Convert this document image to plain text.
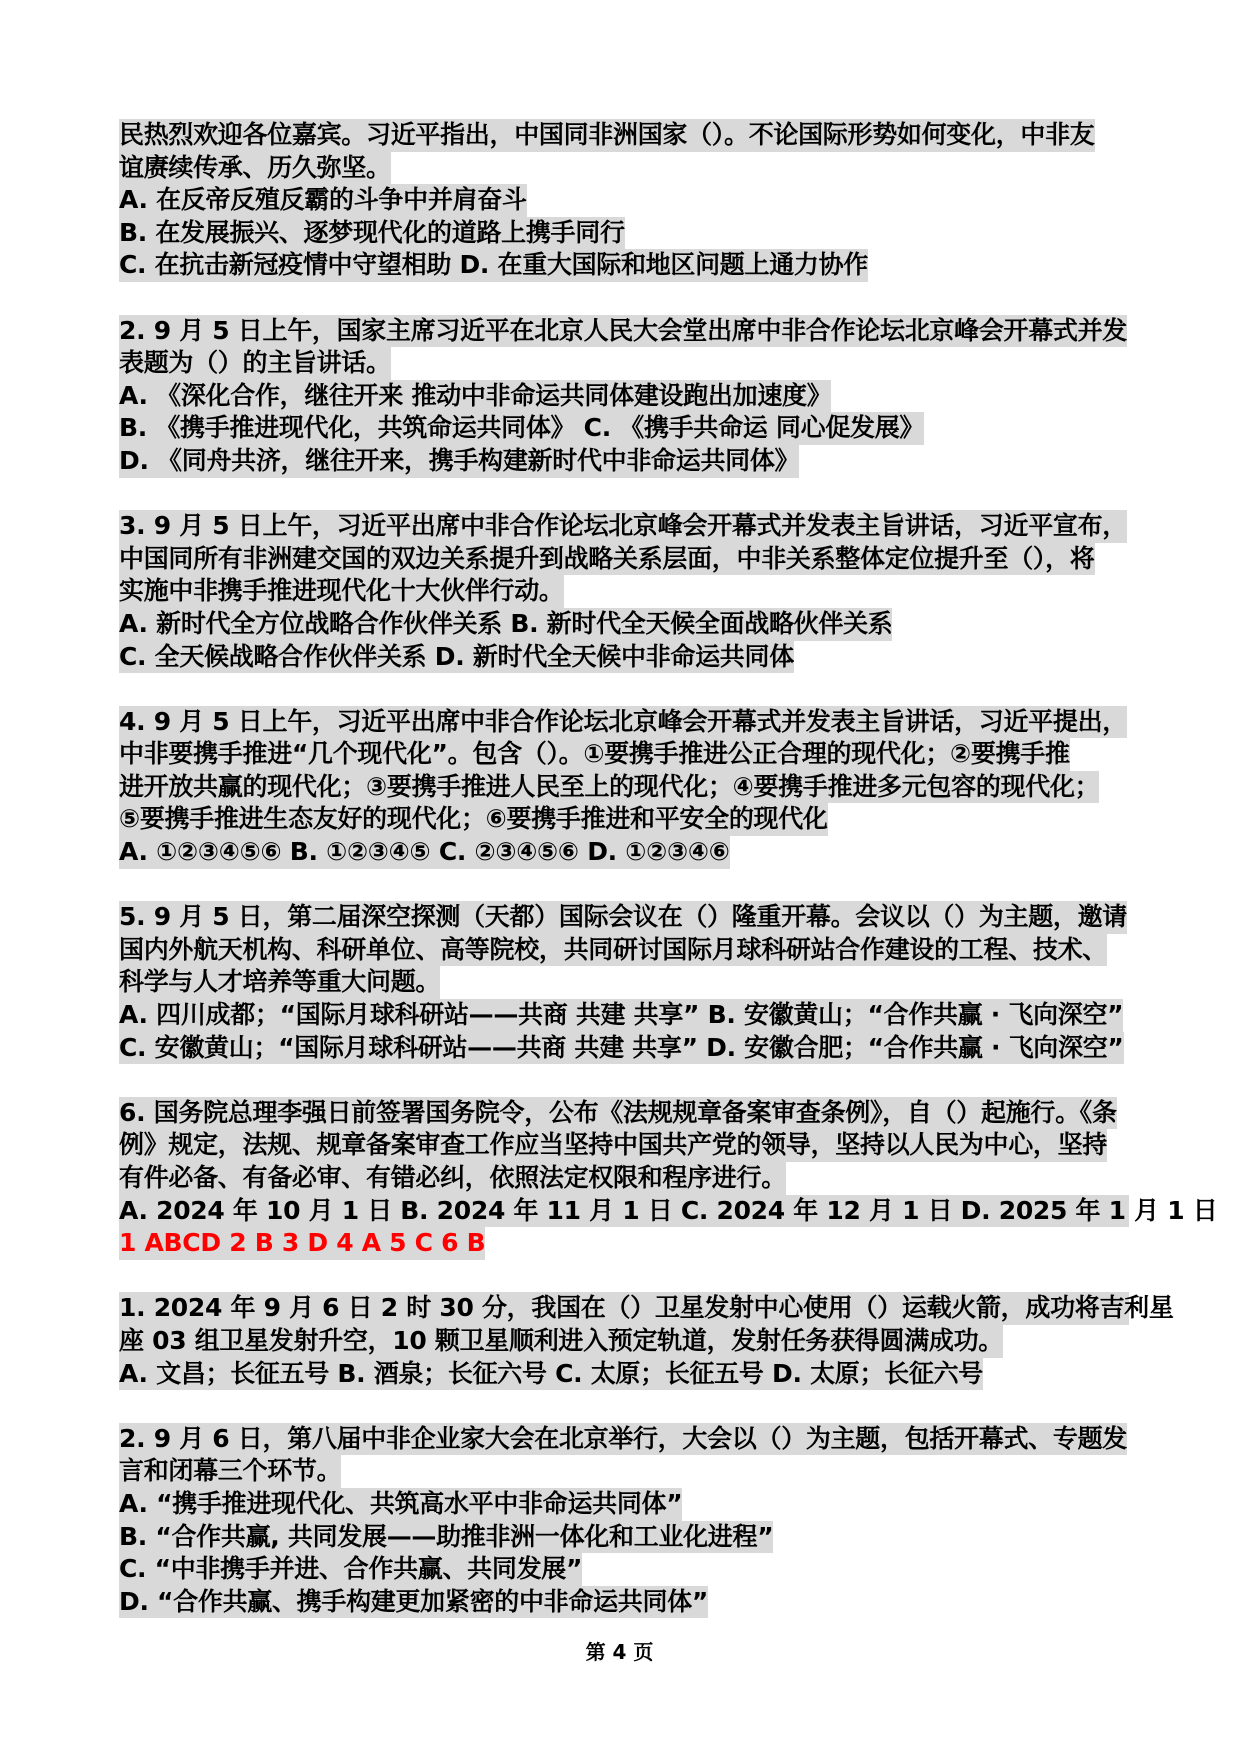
民热烈欢迎各位嘉宾。习近平指出，中国同非洲国家（）。不论国际形势如何变化，中非友
谊赓续传承、历久弥坚。
A. 在反帝反殖反霸的斗争中并肩奋斗
B. 在发展振兴、逐梦现代化的道路上携手同行
C. 在抗击新冠疫情中守望相助 D. 在重大国际和地区问题上通力协作
2. 9 月 5 日上午，国家主席习近平在北京人民大会堂出席中非合作论坛北京峰会开幕式并发
表题为（）的主旨讲话。
A. 《深化合作，继往开来 推动中非命运共同体建设跑出加速度》
B. 《携手推进现代化，共筑命运共同体》 C. 《携手共命运 同心促发展》
D. 《同舟共济，继往开来，携手构建新时代中非命运共同体》
3. 9 月 5 日上午，习近平出席中非合作论坛北京峰会开幕式并发表主旨讲话，习近平宣布，
中国同所有非洲建交国的双边关系提升到战略关系层面，中非关系整体定位提升至（），将
实施中非携手推进现代化十大伙伴行动。
A. 新时代全方位战略合作伙伴关系 B. 新时代全天候全面战略伙伴关系
C. 全天候战略合作伙伴关系 D. 新时代全天候中非命运共同体
4. 9 月 5 日上午，习近平出席中非合作论坛北京峰会开幕式并发表主旨讲话，习近平提出，
中非要携手推进“几个现代化”。包含（）。①要携手推进公正合理的现代化；②要携手推
进开放共赢的现代化；③要携手推进人民至上的现代化；④要携手推进多元包容的现代化；
⑤要携手推进生态友好的现代化；⑥要携手推进和平安全的现代化
A. ①②③④⑤⑥ B. ①②③④⑤ C. ②③④⑤⑥ D. ①②③④⑥
5. 9 月 5 日，第二届深空探测（天都）国际会议在（）隆重开幕。会议以（）为主题，邀请
国内外航天机构、科研单位、高等院校，共同研讨国际月球科研站合作建设的工程、技术、
科学与人才培养等重大问题。
A. 四川成都；“国际月球科研站——共商 共建 共享” B. 安徽黄山；“合作共赢 · 飞向深空”
C. 安徽黄山；“国际月球科研站——共商 共建 共享” D. 安徽合肥；“合作共赢 · 飞向深空”
6. 国务院总理李强日前签署国务院令，公布《法规规章备案审查条例》，自（）起施行。《条
例》规定，法规、规章备案审查工作应当坚持中国共产党的领导，坚持以人民为中心，坚持
有件必备、有备必审、有错必纠，依照法定权限和程序进行。
A. 2024 年 10 月 1 日 B. 2024 年 11 月 1 日 C. 2024 年 12 月 1 日 D. 2025 年 1 月 1 日
1 ABCD 2 B 3 D 4 A 5 C 6 B
1. 2024 年 9 月 6 日 2 时 30 分，我国在（）卫星发射中心使用（）运载火箭，成功将吉利星
座 03 组卫星发射升空，10 颗卫星顺利进入预定轨道，发射任务获得圆满成功。
A. 文昌；长征五号 B. 酒泉；长征六号 C. 太原；长征五号 D. 太原；长征六号
2. 9 月 6 日，第八届中非企业家大会在北京举行，大会以（）为主题，包括开幕式、专题发
言和闭幕三个环节。
A. “携手推进现代化、共筑高水平中非命运共同体”
B. “合作共赢, 共同发展——助推非洲一体化和工业化进程”
C. “中非携手并进、合作共赢、共同发展”
D. “合作共赢、携手构建更加紧密的中非命运共同体”
第 4 页
